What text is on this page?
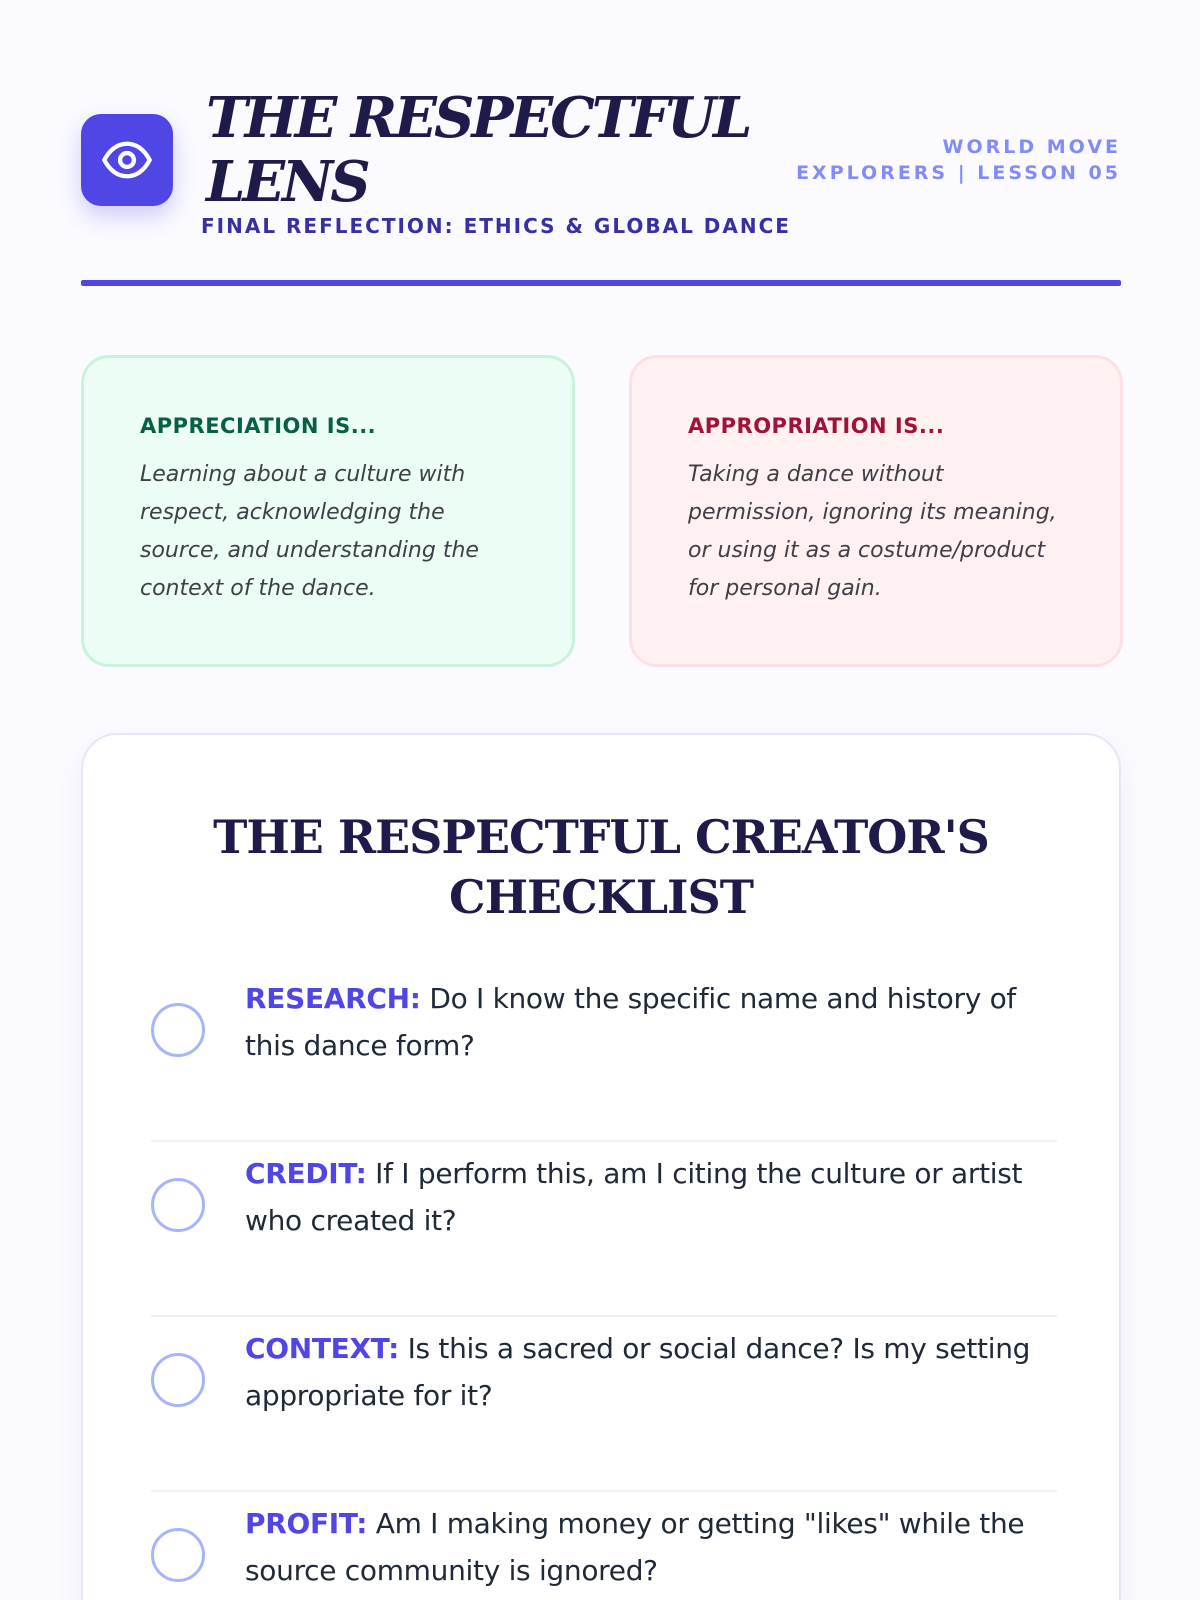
THE RESPECTFUL LENS
FINAL REFLECTION: ETHICS & GLOBAL DANCE
WORLD MOVE EXPLORERS | LESSON 05
APPRECIATION IS...
Learning about a culture with respect, acknowledging the source, and understanding the context of the dance.
APPROPRIATION IS...
Taking a dance without permission, ignoring its meaning, or using it as a costume/product for personal gain.
THE RESPECTFUL CREATOR'S CHECKLIST
RESEARCH: Do I know the specific name and history of this dance form?
CREDIT: If I perform this, am I citing the culture or artist who created it?
CONTEXT: Is this a sacred or social dance? Is my setting appropriate for it?
PROFIT: Am I making money or getting "likes" while the source community is ignored?
